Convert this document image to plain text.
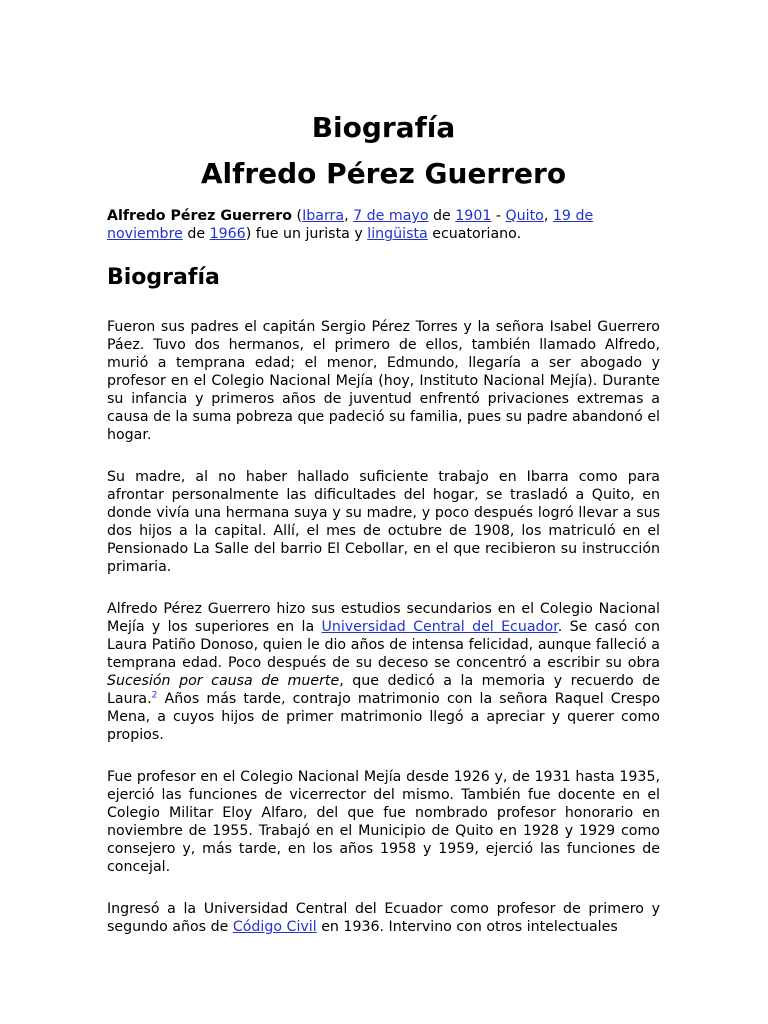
Biografía
Alfredo Pérez Guerrero

Alfredo Pérez Guerrero (Ibarra, 7 de mayo de 1901 - Quito, 19 de noviembre de 1966) fue un jurista y lingüista ecuatoriano.

Biografía

Fueron sus padres el capitán Sergio Pérez Torres y la señora Isabel Guerrero Páez. Tuvo dos hermanos, el primero de ellos, también llamado Alfredo, murió a temprana edad; el menor, Edmundo, llegaría a ser abogado y profesor en el Colegio Nacional Mejía (hoy, Instituto Nacional Mejía). Durante su infancia y primeros años de juventud enfrentó privaciones extremas a causa de la suma pobreza que padeció su familia, pues su padre abandonó el hogar.

Su madre, al no haber hallado suficiente trabajo en Ibarra como para afrontar personalmente las dificultades del hogar, se trasladó a Quito, en donde vivía una hermana suya y su madre, y poco después logró llevar a sus dos hijos a la capital. Allí, el mes de octubre de 1908, los matriculó en el Pensionado La Salle del barrio El Cebollar, en el que recibieron su instrucción primaria.

Alfredo Pérez Guerrero hizo sus estudios secundarios en el Colegio Nacional Mejía y los superiores en la Universidad Central del Ecuador. Se casó con Laura Patiño Donoso, quien le dio años de intensa felicidad, aunque falleció a temprana edad. Poco después de su deceso se concentró a escribir su obra Sucesión por causa de muerte, que dedicó a la memoria y recuerdo de Laura.$^2$ Años más tarde, contrajo matrimonio con la señora Raquel Crespo Mena, a cuyos hijos de primer matrimonio llegó a apreciar y querer como propios.

Fue profesor en el Colegio Nacional Mejía desde 1926 y, de 1931 hasta 1935, ejerció las funciones de vicerrector del mismo. También fue docente en el Colegio Militar Eloy Alfaro, del que fue nombrado profesor honorario en noviembre de 1955. Trabajó en el Municipio de Quito en 1928 y 1929 como consejero y, más tarde, en los años 1958 y 1959, ejerció las funciones de concejal.

Ingresó a la Universidad Central del Ecuador como profesor de primero y segundo años de Código Civil en 1936. Intervino con otros intelectuales
